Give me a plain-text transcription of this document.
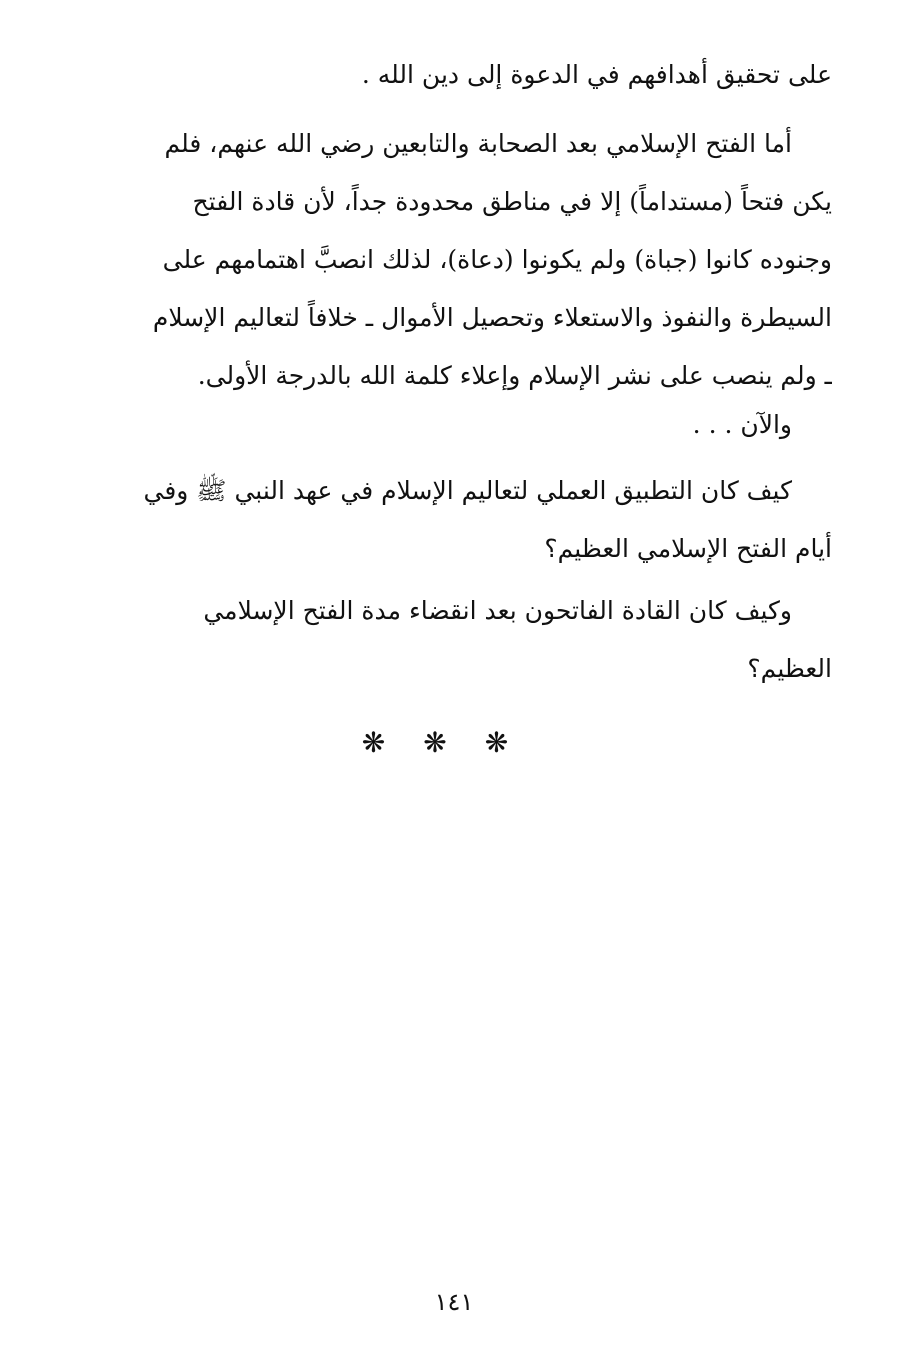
على تحقيق أهدافهم في الدعوة إلى دين الله .
أما الفتح الإسلامي بعد الصحابة والتابعين رضي الله عنهم، فلم
يكن فتحاً (مستداماً) إلا في مناطق محدودة جداً، لأن قادة الفتح
وجنوده كانوا (جباة) ولم يكونوا (دعاة)، لذلك انصبَّ اهتمامهم على
السيطرة والنفوذ والاستعلاء وتحصيل الأموال ـ خلافاً لتعاليم الإسلام
ـ ولم ينصب على نشر الإسلام وإعلاء كلمة الله بالدرجة الأولى.
والآن . . .
كيف كان التطبيق العملي لتعاليم الإسلام في عهد النبي ﷺ وفي
أيام الفتح الإسلامي العظيم؟
وكيف كان القادة الفاتحون بعد انقضاء مدة الفتح الإسلامي
العظيم؟
❋❋❋
١٤١
